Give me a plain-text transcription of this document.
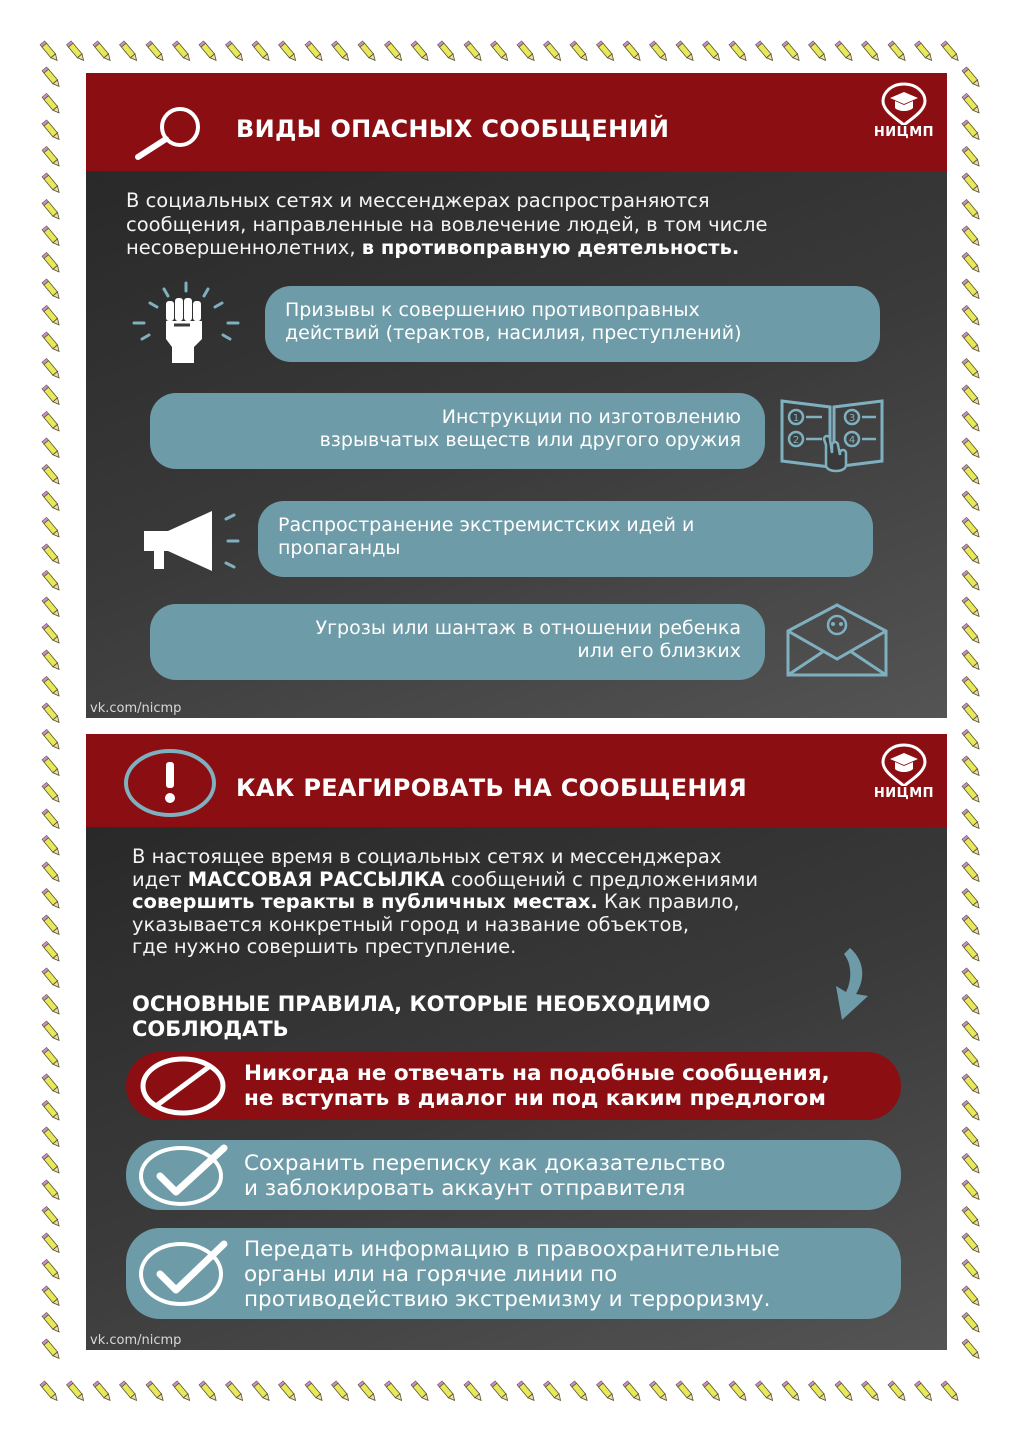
ВИДЫ ОПАСНЫХ СООБЩЕНИЙ	НИЦМП
В социальных сетях и мессенджерах распространяются
сообщения, направленные на вовлечение людей, в том числе
несовершеннолетних, в противоправную деятельность.
Призывы к совершению противоправных
действий (терактов, насилия, преступлений)
Инструкции по изготовлению
взрывчатых веществ или другого оружия
1
2
3
4
Распространение экстремистских идей и
пропаганды
Угрозы или шантаж в отношении ребенка
или его близких
vk.com/nicmp
КАК РЕАГИРОВАТЬ НА СООБЩЕНИЯ	НИЦМП
В настоящее время в социальных сетях и мессенджерах
идет МАССОВАЯ РАССЫЛКА сообщений с предложениями
совершить теракты в публичных местах. Как правило,
указывается конкретный город и название объектов,
где нужно совершить преступление.
ОСНОВНЫЕ ПРАВИЛА, КОТОРЫЕ НЕОБХОДИМО
СОБЛЮДАТЬ
Никогда не отвечать на подобные сообщения,
не вступать в диалог ни под каким предлогом
Сохранить переписку как доказательство
и заблокировать аккаунт отправителя
Передать информацию в правоохранительные
органы или на горячие линии по
противодействию экстремизму и терроризму.
vk.com/nicmp
